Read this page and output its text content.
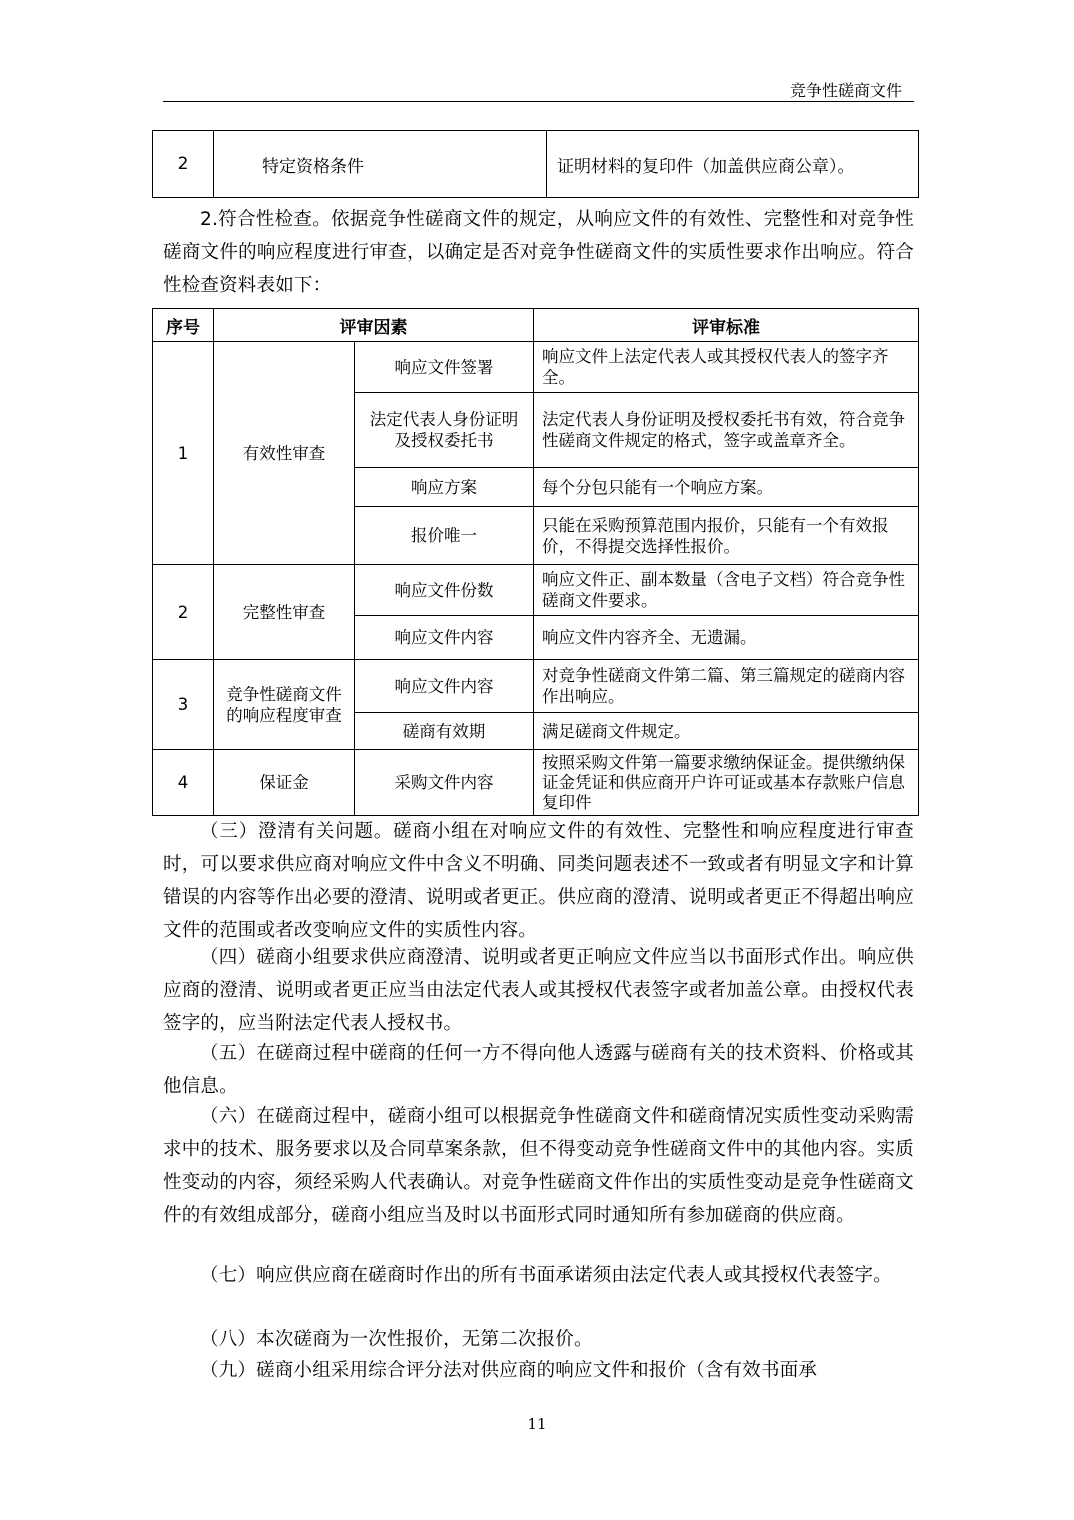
竞争性磋商文件
2	特定资格条件	证明材料的复印件（加盖供应商公章）。
2.符合性检查。依据竞争性磋商文件的规定，从响应文件的有效性、完整性和对竞争性磋商文件的响应程度进行审查，以确定是否对竞争性磋商文件的实质性要求作出响应。符合性检查资料表如下：
序号	评审因素		评审标准
1	有效性审查	响应文件签署	响应文件上法定代表人或其授权代表人的签字齐全。
		法定代表人身份证明及授权委托书	法定代表人身份证明及授权委托书有效，符合竞争性磋商文件规定的格式，签字或盖章齐全。
		响应方案	每个分包只能有一个响应方案。
		报价唯一	只能在采购预算范围内报价，只能有一个有效报价，不得提交选择性报价。
2	完整性审查	响应文件份数	响应文件正、副本数量（含电子文档）符合竞争性磋商文件要求。
		响应文件内容	响应文件内容齐全、无遗漏。
3	竞争性磋商文件的响应程度审查	响应文件内容	对竞争性磋商文件第二篇、第三篇规定的磋商内容作出响应。
		磋商有效期	满足磋商文件规定。
4	保证金	采购文件内容	按照采购文件第一篇要求缴纳保证金。提供缴纳保证金凭证和供应商开户许可证或基本存款账户信息复印件
（三）澄清有关问题。磋商小组在对响应文件的有效性、完整性和响应程度进行审查时，可以要求供应商对响应文件中含义不明确、同类问题表述不一致或者有明显文字和计算错误的内容等作出必要的澄清、说明或者更正。供应商的澄清、说明或者更正不得超出响应文件的范围或者改变响应文件的实质性内容。
（四）磋商小组要求供应商澄清、说明或者更正响应文件应当以书面形式作出。响应供应商的澄清、说明或者更正应当由法定代表人或其授权代表签字或者加盖公章。由授权代表签字的，应当附法定代表人授权书。
（五）在磋商过程中磋商的任何一方不得向他人透露与磋商有关的技术资料、价格或其他信息。
（六）在磋商过程中，磋商小组可以根据竞争性磋商文件和磋商情况实质性变动采购需求中的技术、服务要求以及合同草案条款，但不得变动竞争性磋商文件中的其他内容。实质性变动的内容，须经采购人代表确认。对竞争性磋商文件作出的实质性变动是竞争性磋商文件的有效组成部分，磋商小组应当及时以书面形式同时通知所有参加磋商的供应商。
（七）响应供应商在磋商时作出的所有书面承诺须由法定代表人或其授权代表签字。
（八）本次磋商为一次性报价，无第二次报价。
（九）磋商小组采用综合评分法对供应商的响应文件和报价（含有效书面承
11
